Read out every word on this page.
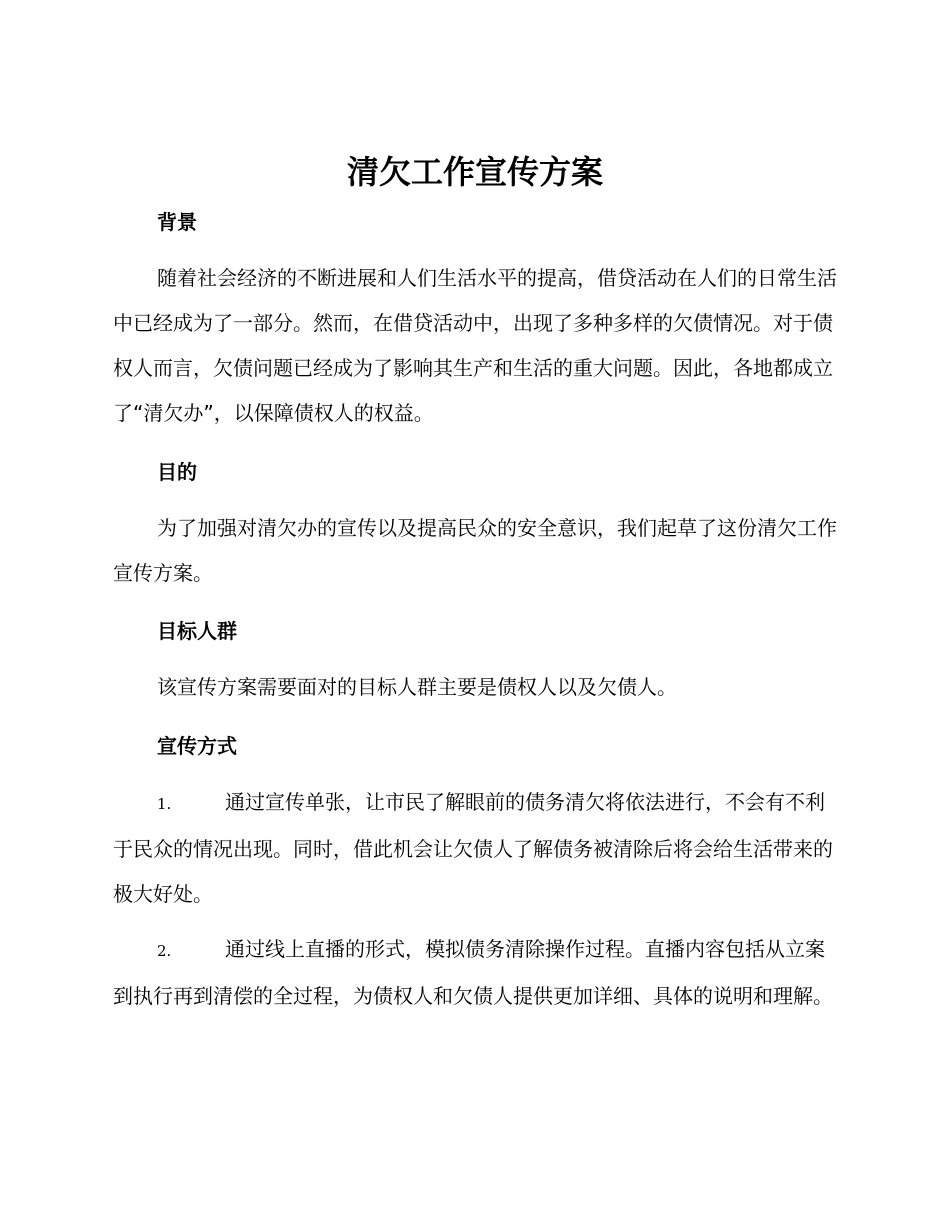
清欠工作宣传方案
背景

随着社会经济的不断进展和人们生活水平的提高，借贷活动在人们的日常生活中已经成为了一部分。然而，在借贷活动中，出现了多种多样的欠债情况。对于债权人而言，欠债问题已经成为了影响其生产和生活的重大问题。因此，各地都成立了“清欠办”，以保障债权人的权益。

目的

为了加强对清欠办的宣传以及提高民众的安全意识，我们起草了这份清欠工作宣传方案。

目标人群

该宣传方案需要面对的目标人群主要是债权人以及欠债人。

宣传方式

1.	通过宣传单张，让市民了解眼前的债务清欠将依法进行，不会有不利于民众的情况出现。同时，借此机会让欠债人了解债务被清除后将会给生活带来的极大好处。

2.	通过线上直播的形式，模拟债务清除操作过程。直播内容包括从立案到执行再到清偿的全过程，为债权人和欠债人提供更加详细、具体的说明和理解。
